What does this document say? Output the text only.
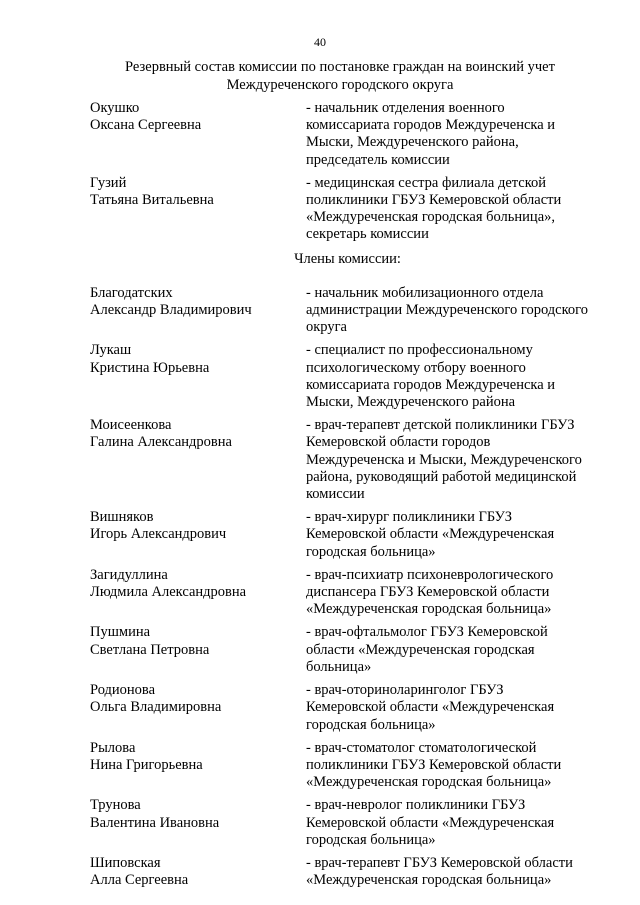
40
Резервный состав комиссии по постановке граждан на воинский учет
Междуреченского городского округа
Окушко
Оксана Сергеевна
- начальник отделения военного
комиссариата городов Междуреченска и
Мыски, Междуреченского района,
председатель комиссии
Гузий
Татьяна Витальевна
- медицинская сестра филиала детской
поликлиники ГБУЗ Кемеровской области
«Междуреченская городская больница»,
секретарь комиссии
Члены комиссии:
Благодатских
Александр Владимирович
- начальник мобилизационного отдела
администрации Междуреченского городского
округа
Лукаш
Кристина Юрьевна
- специалист по профессиональному
психологическому отбору военного
комиссариата городов Междуреченска и
Мыски, Междуреченского района
Моисеенкова
Галина Александровна
- врач-терапевт детской поликлиники ГБУЗ
Кемеровской области городов
Междуреченска и Мыски, Междуреченского
района, руководящий работой медицинской
комиссии
Вишняков
Игорь Александрович
- врач-хирург поликлиники ГБУЗ
Кемеровской области «Междуреченская
городская больница»
Загидуллина
Людмила Александровна
- врач-психиатр психоневрологического
диспансера ГБУЗ Кемеровской области
«Междуреченская городская больница»
Пушмина
Светлана Петровна
- врач-офтальмолог ГБУЗ Кемеровской
области «Междуреченская городская
больница»
Родионова
Ольга Владимировна
- врач-оториноларинголог ГБУЗ
Кемеровской области «Междуреченская
городская больница»
Рылова
Нина Григорьевна
- врач-стоматолог стоматологической
поликлиники ГБУЗ Кемеровской области
«Междуреченская городская больница»
Трунова
Валентина Ивановна
- врач-невролог поликлиники ГБУЗ
Кемеровской области «Междуреченская
городская больница»
Шиповская
Алла Сергеевна
- врач-терапевт ГБУЗ Кемеровской области
«Междуреченская городская больница»
